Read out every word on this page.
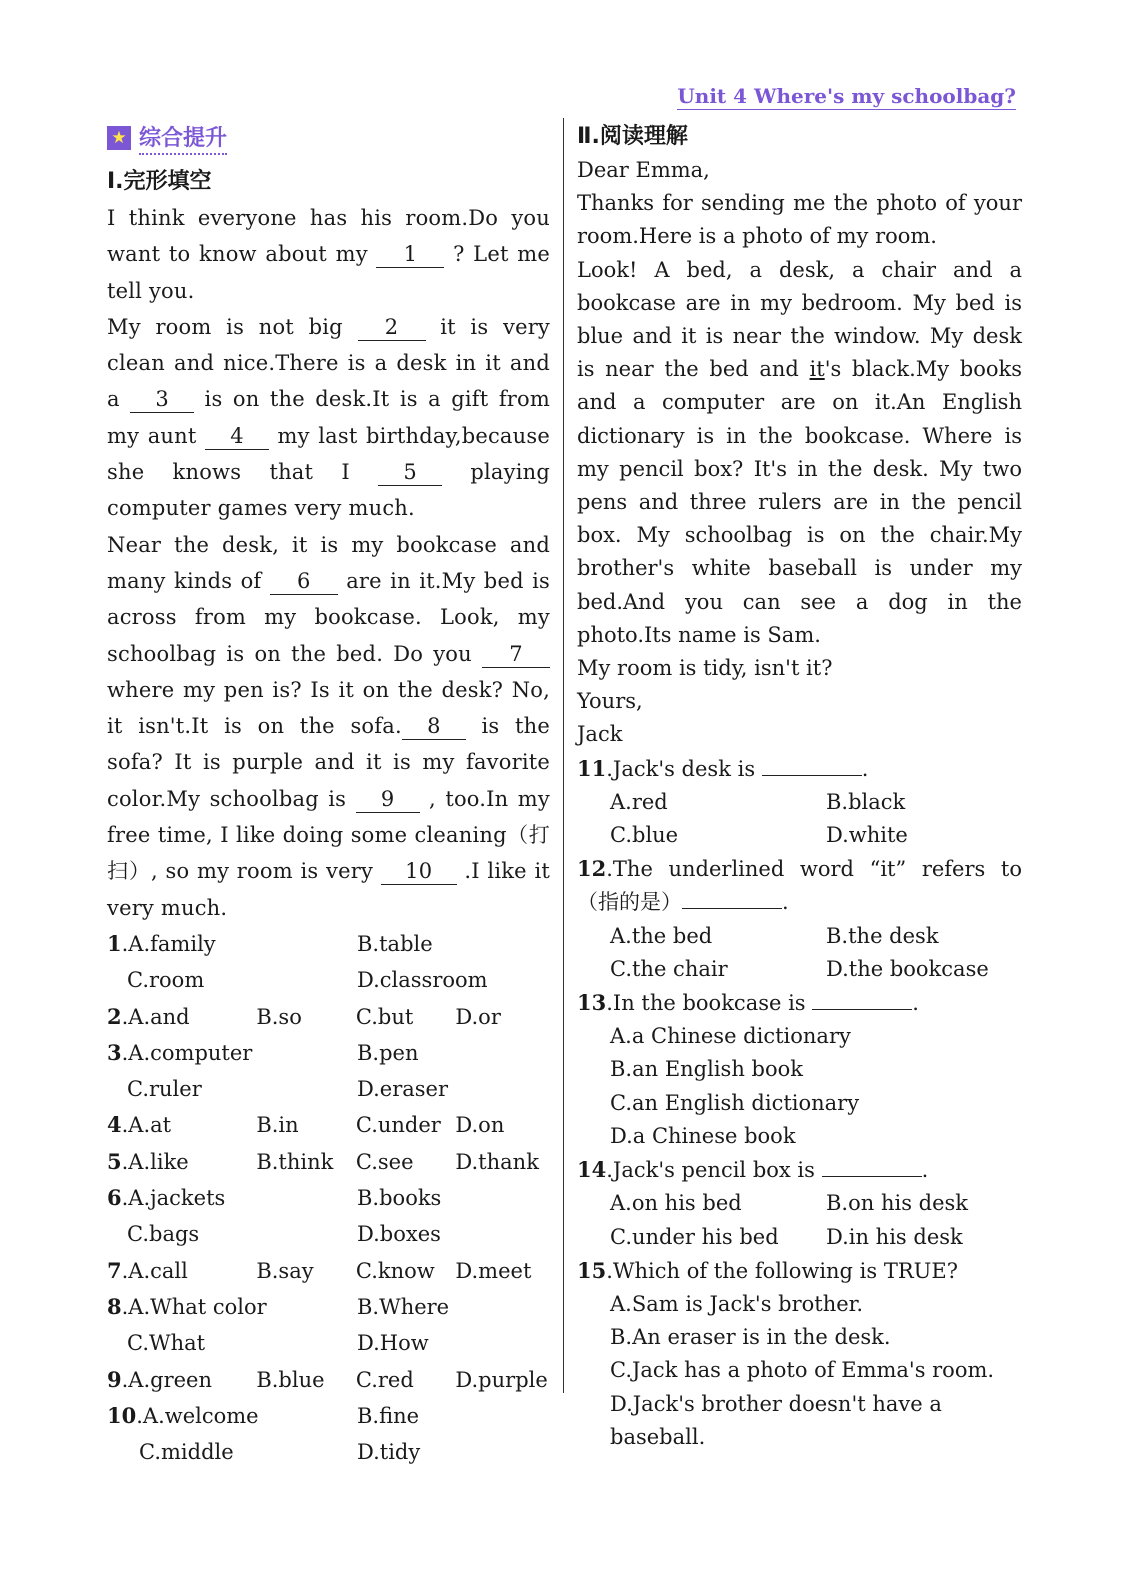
Unit 4 Where's my schoolbag?
★ 综合提升
Ⅰ.完形填空

I think everyone has his room.Do you want to know about my 1 ? Let me tell you.

My room is not big 2 it is very clean and nice.There is a desk in it and a 3 is on the desk.It is a gift from my aunt 4 my last birthday,because she knows that I 5 playing computer games very much.

Near the desk, it is my bookcase and many kinds of 6 are in it.My bed is across from my bookcase. Look, my schoolbag is on the bed. Do you 7 where my pen is? Is it on the desk? No, it isn't.It is on the sofa. 8 is the sofa? It is purple and it is my favorite color.My schoolbag is 9 , too.In my free time, I like doing some cleaning（打扫）, so my room is very 10 .I like it very much.

1.A.family	B.table
C.room	D.classroom
2.A.and	B.so	C.but	D.or
3.A.computer	B.pen
C.ruler	D.eraser
4.A.at	B.in	C.under D.on
5.A.like	B.think	C.see	D.thank
6.A.jackets	B.books
C.bags	D.boxes
7.A.call	B.say	C.know D.meet
8.A.What color	B.Where
C.What	D.How
9.A.green	B.blue	C.red	D.purple
10.A.welcome	B.fine
C.middle	D.tidy
Ⅱ.阅读理解

Dear Emma,

Thanks for sending me the photo of your room.Here is a photo of my room.

Look! A bed, a desk, a chair and a bookcase are in my bedroom. My bed is blue and it is near the window. My desk is near the bed and it's black.My books and a computer are on it.An English dictionary is in the bookcase. Where is my pencil box? It's in the desk. My two pens and three rulers are in the pencil box. My schoolbag is on the chair.My brother's white baseball is under my bed.And you can see a dog in the photo.Its name is Sam.

My room is tidy, isn't it?

Yours,

Jack

11.Jack's desk is	.
A.red	B.black
C.blue	D.white
12.The underlined word “it” refers to （指的是）	.
A.the bed	B.the desk
C.the chair	D.the bookcase
13.In the bookcase is	.
A.a Chinese dictionary
B.an English book
C.an English dictionary
D.a Chinese book
14.Jack's pencil box is	.
A.on his bed	B.on his desk
C.under his bed	D.in his desk
15.Which of the following is TRUE?
A.Sam is Jack's brother.
B.An eraser is in the desk.
C.Jack has a photo of Emma's room.
D.Jack's brother doesn't have a baseball.
